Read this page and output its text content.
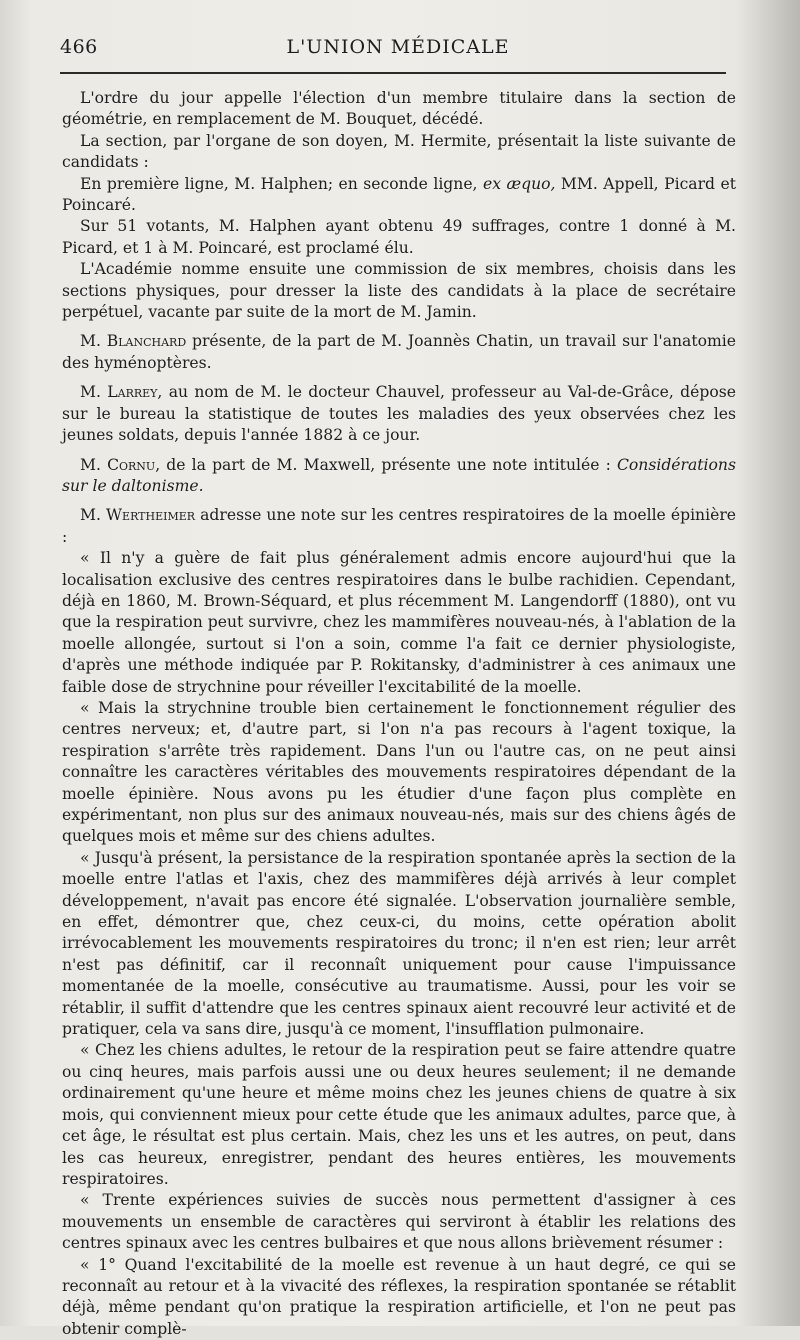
466	L'UNION MÉDICALE

L'ordre du jour appelle l'élection d'un membre titulaire dans la section de géométrie, en remplacement de M. Bouquet, décédé.

La section, par l'organe de son doyen, M. Hermite, présentait la liste suivante de candidats :

En première ligne, M. Halphen; en seconde ligne, ex æquo, MM. Appell, Picard et Poincaré.

Sur 51 votants, M. Halphen ayant obtenu 49 suffrages, contre 1 donné à M. Picard, et 1 à M. Poincaré, est proclamé élu.

L'Académie nomme ensuite une commission de six membres, choisis dans les sections physiques, pour dresser la liste des candidats à la place de secrétaire perpétuel, vacante par suite de la mort de M. Jamin.

M. Blanchard présente, de la part de M. Joannès Chatin, un travail sur l'anatomie des hyménoptères.

M. Larrey, au nom de M. le docteur Chauvel, professeur au Val-de-Grâce, dépose sur le bureau la statistique de toutes les maladies des yeux observées chez les jeunes soldats, depuis l'année 1882 à ce jour.

M. Cornu, de la part de M. Maxwell, présente une note intitulée : Considérations sur le daltonisme.

M. Wertheimer adresse une note sur les centres respiratoires de la moelle épinière :

« Il n'y a guère de fait plus généralement admis encore aujourd'hui que la localisation exclusive des centres respiratoires dans le bulbe rachidien. Cependant, déjà en 1860, M. Brown-Séquard, et plus récemment M. Langendorff (1880), ont vu que la respiration peut survivre, chez les mammifères nouveau-nés, à l'ablation de la moelle allongée, surtout si l'on a soin, comme l'a fait ce dernier physiologiste, d'après une méthode indiquée par P. Rokitansky, d'administrer à ces animaux une faible dose de strychnine pour réveiller l'excitabilité de la moelle.

« Mais la strychnine trouble bien certainement le fonctionnement régulier des centres nerveux; et, d'autre part, si l'on n'a pas recours à l'agent toxique, la respiration s'arrête très rapidement. Dans l'un ou l'autre cas, on ne peut ainsi connaître les caractères véritables des mouvements respiratoires dépendant de la moelle épinière. Nous avons pu les étudier d'une façon plus complète en expérimentant, non plus sur des animaux nouveau-nés, mais sur des chiens âgés de quelques mois et même sur des chiens adultes.

« Jusqu'à présent, la persistance de la respiration spontanée après la section de la moelle entre l'atlas et l'axis, chez des mammifères déjà arrivés à leur complet développement, n'avait pas encore été signalée. L'observation journalière semble, en effet, démontrer que, chez ceux-ci, du moins, cette opération abolit irrévocablement les mouvements respiratoires du tronc; il n'en est rien; leur arrêt n'est pas définitif, car il reconnaît uniquement pour cause l'impuissance momentanée de la moelle, consécutive au traumatisme. Aussi, pour les voir se rétablir, il suffit d'attendre que les centres spinaux aient recouvré leur activité et de pratiquer, cela va sans dire, jusqu'à ce moment, l'insufflation pulmonaire.

« Chez les chiens adultes, le retour de la respiration peut se faire attendre quatre ou cinq heures, mais parfois aussi une ou deux heures seulement; il ne demande ordinairement qu'une heure et même moins chez les jeunes chiens de quatre à six mois, qui conviennent mieux pour cette étude que les animaux adultes, parce que, à cet âge, le résultat est plus certain. Mais, chez les uns et les autres, on peut, dans les cas heureux, enregistrer, pendant des heures entières, les mouvements respiratoires.

« Trente expériences suivies de succès nous permettent d'assigner à ces mouvements un ensemble de caractères qui serviront à établir les relations des centres spinaux avec les centres bulbaires et que nous allons brièvement résumer :

« 1° Quand l'excitabilité de la moelle est revenue à un haut degré, ce qui se reconnaît au retour et à la vivacité des réflexes, la respiration spontanée se rétablit déjà, même pendant qu'on pratique la respiration artificielle, et l'on ne peut pas obtenir complè-
